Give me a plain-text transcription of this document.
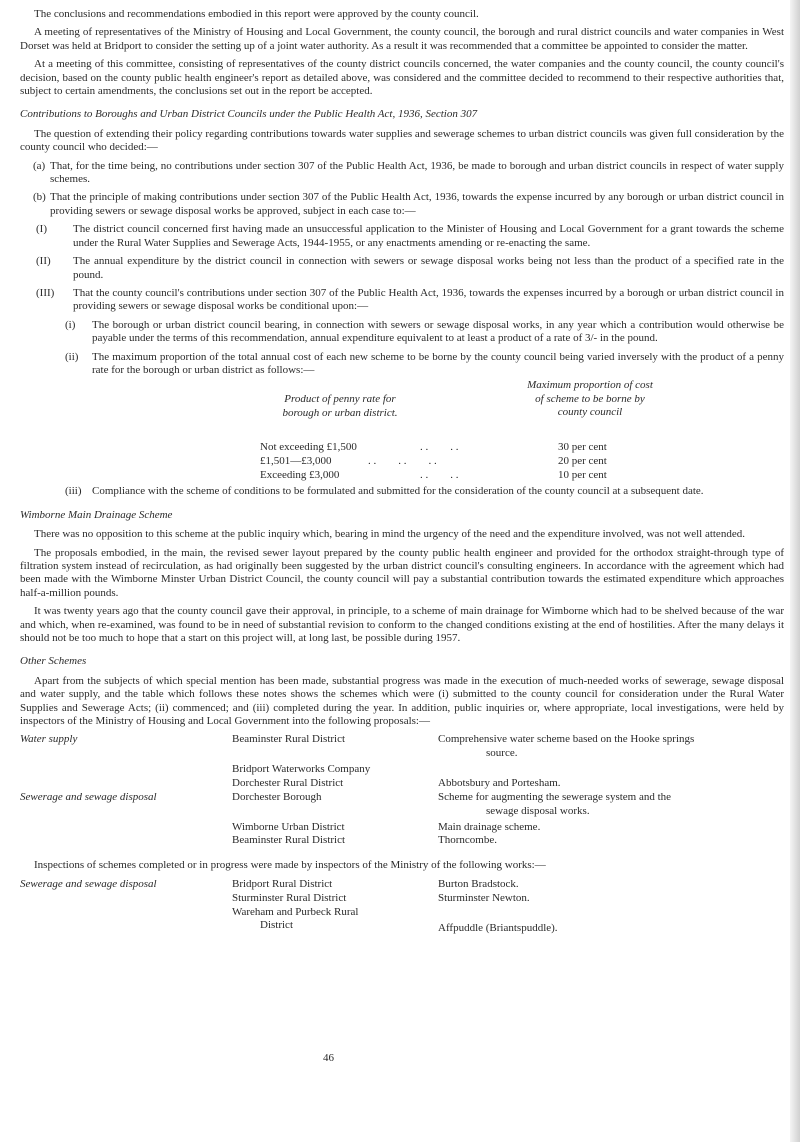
The conclusions and recommendations embodied in this report were approved by the county council.

A meeting of representatives of the Ministry of Housing and Local Government, the county council, the borough and rural district councils and water companies in West Dorset was held at Bridport to consider the setting up of a joint water authority. As a result it was recommended that a committee be appointed to consider the matter.

At a meeting of this committee, consisting of representatives of the county district councils concerned, the water companies and the county council, the county council's decision, based on the county public health engineer's report as detailed above, was considered and the committee decided to recommend to their respective authorities that, subject to certain amendments, the conclusions set out in the report be accepted.

Contributions to Boroughs and Urban District Councils under the Public Health Act, 1936, Section 307

The question of extending their policy regarding contributions towards water supplies and sewerage schemes to urban district councils was given full consideration by the county council who decided:—

(a) That, for the time being, no contributions under section 307 of the Public Health Act, 1936, be made to borough and urban district councils in respect of water supply schemes.
(b) That the principle of making contributions under section 307 of the Public Health Act, 1936, towards the expense incurred by any borough or urban district council in providing sewers or sewage disposal works be approved, subject in each case to:—
(I)	The district council concerned first having made an unsuccessful application to the Minister of Housing and Local Government for a grant towards the scheme under the Rural Water Supplies and Sewerage Acts, 1944-1955, or any enactments amending or re-enacting the same.
(II)	The annual expenditure by the district council in connection with sewers or sewage disposal works being not less than the product of a specified rate in the pound.
(III)	That the county council's contributions under section 307 of the Public Health Act, 1936, towards the expenses incurred by a borough or urban district council in providing sewers or sewage disposal works be conditional upon:—
(i)	The borough or urban district council bearing, in connection with sewers or sewage disposal works, in any year which a contribution would otherwise be payable under the terms of this recommendation, annual expenditure equivalent to at least a product of a rate of 3/- in the pound.
(ii)	The maximum proportion of the total annual cost of each new scheme to be borne by the county council being varied inversely with the product of a penny rate for the borough or urban district as follows:—
Product of penny rate for
borough or urban district.
Maximum proportion of cost
of scheme to be borne by
county council
Not exceeding £1,500	. .        . .	30 per cent
£1,501—£3,000	. .        . .        . .	20 per cent
Exceeding £3,000	. .        . .	10 per cent
(iii) Compliance with the scheme of conditions to be formulated and submitted for the consideration of the county council at a subsequent date.
Wimborne Main Drainage Scheme

There was no opposition to this scheme at the public inquiry which, bearing in mind the urgency of the need and the expenditure involved, was not well attended.

The proposals embodied, in the main, the revised sewer layout prepared by the county public health engineer and provided for the orthodox straight-through type of filtration system instead of recirculation, as had originally been suggested by the urban district council's consulting engineers. In accordance with the agreement which had been made with the Wimborne Minster Urban District Council, the county council will pay a substantial contribution towards the estimated expenditure which approaches half-a-million pounds.

It was twenty years ago that the county council gave their approval, in principle, to a scheme of main drainage for Wimborne which had to be shelved because of the war and which, when re-examined, was found to be in need of substantial revision to conform to the changed conditions existing at the end of hostilities. After the many delays it should not be too much to hope that a start on this project will, at long last, be possible during 1957.

Other Schemes

Apart from the subjects of which special mention has been made, substantial progress was made in the execution of much-needed works of sewerage, sewage disposal and water supply, and the table which follows these notes shows the schemes which were (i) submitted to the county council for consideration under the Rural Water Supplies and Sewerage Acts; (ii) commenced; and (iii) completed during the year. In addition, public inquiries or, where appropriate, local investigations, were held by inspectors of the Ministry of Housing and Local Government into the following proposals:—

Water supply	Beaminster Rural District	Comprehensive water scheme based on the Hooke springs
source.
Bridport Waterworks Company
Dorchester Rural District	Abbotsbury and Portesham.
Sewerage and sewage disposal	Dorchester Borough	Scheme for augmenting the sewerage system and the
sewage disposal works.
Wimborne Urban District	Main drainage scheme.
Beaminster Rural District	Thorncombe.

Inspections of schemes completed or in progress were made by inspectors of the Ministry of the following works:—

Sewerage and sewage disposal	Bridport Rural District	Burton Bradstock.
Sturminster Rural District	Sturminster Newton.
Wareham and Purbeck Rural
District	Affpuddle (Briantspuddle).
46
